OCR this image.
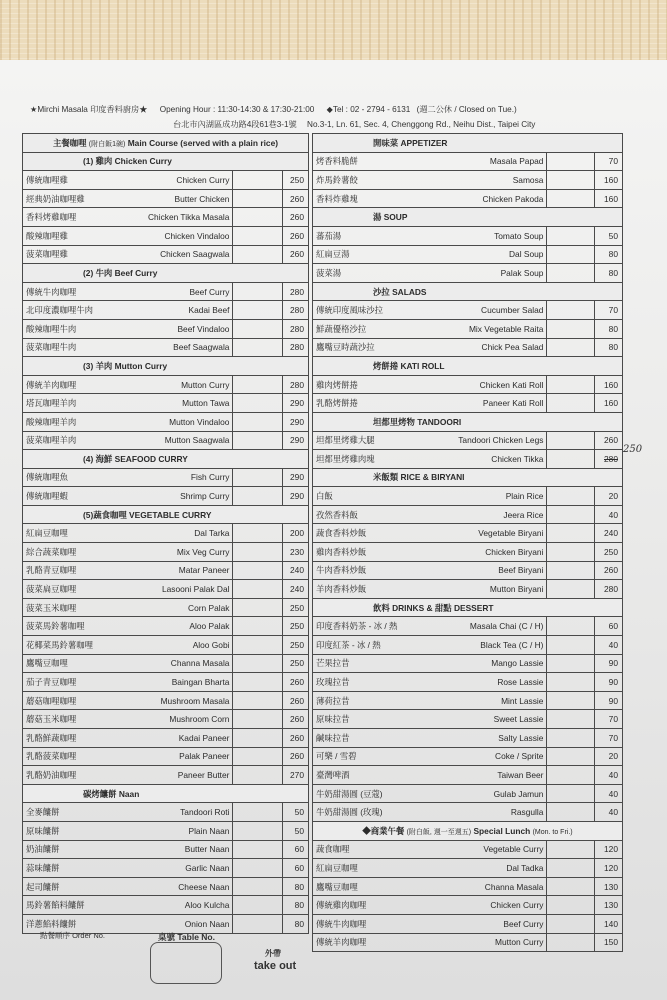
★Mirchi Masala 印度香料廚房★ Opening Hour : 11:30-14:30 & 17:30-21:00 ◆Tel : 02 - 2794 - 6131 (週二公休 / Closed on Tue.)
台北市內湖區成功路4段61巷3-1號 No.3-1, Ln. 61, Sec. 4, Chenggong Rd., Neihu Dist., Taipei City
主餐咖哩 (附白飯1碗) Main Course (served with a plain rice)			
(1) 雞肉 Chicken Curry			
傳統咖哩雞	Chicken Curry		250
經典奶油咖哩雞	Butter Chicken		260
香料烤雞咖哩	Chicken Tikka Masala		260
酸辣咖哩雞	Chicken Vindaloo		260
菠菜咖哩雞	Chicken Saagwala		260
(2) 牛肉 Beef Curry			
傳統牛肉咖哩	Beef Curry		280
北印度濃咖哩牛肉	Kadai Beef		280
酸辣咖哩牛肉	Beef Vindaloo		280
菠菜咖哩牛肉	Beef Saagwala		280
(3) 羊肉 Mutton Curry			
傳統羊肉咖哩	Mutton Curry		280
塔瓦咖哩羊肉	Mutton Tawa		290
酸辣咖哩羊肉	Mutton Vindaloo		290
菠菜咖哩羊肉	Mutton Saagwala		290
(4) 海鮮 SEAFOOD CURRY			
傳統咖哩魚	Fish Curry		290
傳統咖哩蝦	Shrimp Curry		290
(5)蔬食咖哩 VEGETABLE CURRY			
紅扁豆咖哩	Dal Tarka		200
綜合蔬菜咖哩	Mix Veg Curry		230
乳酪青豆咖哩	Matar Paneer		240
菠菜扁豆咖哩	Lasooni Palak Dal		240
菠菜玉米咖哩	Corn Palak		250
菠菜馬鈴薯咖哩	Aloo Palak		250
花椰菜馬鈴薯咖哩	Aloo Gobi		250
鷹嘴豆咖哩	Channa Masala		250
茄子青豆咖哩	Baingan Bharta		260
蘑菇咖哩咖哩	Mushroom Masala		260
蘑菇玉米咖哩	Mushroom Corn		260
乳酪鮮蔬咖哩	Kadai Paneer		260
乳酪菠菜咖哩	Palak Paneer		260
乳酪奶油咖哩	Paneer Butter		270
碳烤饢餅 Naan			
全麥饢餅	Tandoori Roti		50
原味饢餅	Plain Naan		50
奶油饢餅	Butter Naan		60
蒜味饢餅	Garlic Naan		60
起司饢餅	Cheese Naan		80
馬鈴薯餡料饢餅	Aloo Kulcha		80
洋蔥餡料饢餅	Onion Naan		80
開味菜 APPETIZER			
烤香料脆餅	Masala Papad		70
炸馬鈴薯餃	Samosa		160
香料炸雞塊	Chicken Pakoda		160
湯 SOUP			
蕃茄湯	Tomato Soup		50
紅扁豆湯	Dal Soup		80
菠菜湯	Palak Soup		80
沙拉 SALADS			
傳統印度風味沙拉	Cucumber Salad		70
鮮蔬優格沙拉	Mix Vegetable Raita		80
鷹嘴豆時蔬沙拉	Chick Pea Salad		80
烤餅捲 KATI ROLL			
雞肉烤餅捲	Chicken Kati Roll		160
乳酪烤餅捲	Paneer Kati Roll		160
坦都里烤物 TANDOORI			
坦都里烤雞大腿	Tandoori Chicken Legs		260
坦都里烤雞肉塊	Chicken Tikka		280
250

米飯類 RICE & BIRYANI			
白飯	Plain Rice		20
孜然香料飯	Jeera Rice		40
蔬食香料炒飯	Vegetable Biryani		240
雞肉香料炒飯	Chicken Biryani		250
牛肉香料炒飯	Beef Biryani		260
羊肉香料炒飯	Mutton Biryani		280
飲料 DRINKS & 甜點 DESSERT			
印度香料奶茶 - 冰 / 熱	Masala Chai (C / H)		60
印度紅茶 - 冰 / 熱	Black Tea (C / H)		40
芒果拉昔	Mango Lassie		90
玫瑰拉昔	Rose Lassie		90
薄荷拉昔	Mint Lassie		90
原味拉昔	Sweet Lassie		70
鹹味拉昔	Salty Lassie		70
可樂 / 雪碧	Coke / Sprite		20
臺灣啤酒	Taiwan Beer		40
牛奶甜湯圓 (豆蔻)	Gulab Jamun		40
牛奶甜湯圓 (玫瑰)	Rasgulla		40
◆商業午餐 (附白飯, 週一至週五) Special Lunch (Mon. to Fri.)			
蔬食咖哩	Vegetable Curry		120
紅扁豆咖哩	Dal Tadka		120
鷹嘴豆咖哩	Channa Masala		130
傳統雞肉咖哩	Chicken Curry		130
傳統牛肉咖哩	Beef Curry		140
傳統羊肉咖哩	Mutton Curry		150
點餐順序 Order No.	桌號 Table No.
外帶
take out
